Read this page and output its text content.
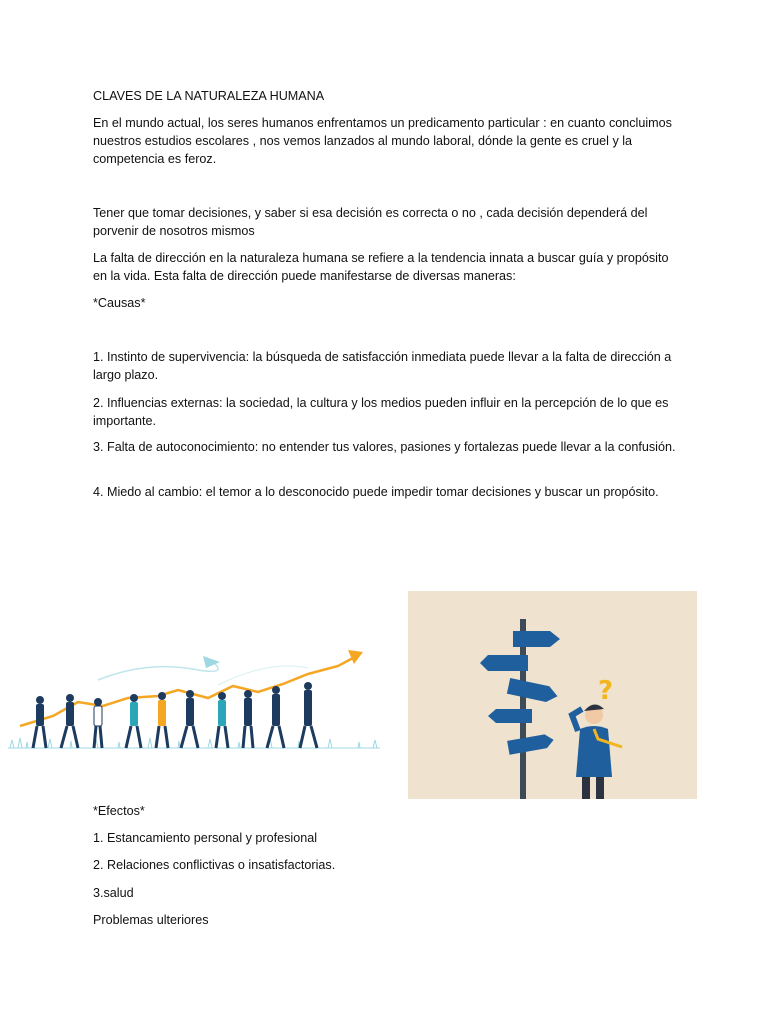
CLAVES DE LA NATURALEZA HUMANA

En el mundo actual, los seres humanos enfrentamos un predicamento particular : en cuanto concluimos nuestros estudios escolares , nos vemos lanzados al mundo laboral, dónde la gente es cruel y la competencia es feroz.

Tener que tomar decisiones, y saber si esa decisión es correcta o no , cada decisión dependerá del porvenir de nosotros mismos

La falta de dirección en la naturaleza humana se refiere a la tendencia innata a buscar guía y propósito en la vida. Esta falta de dirección puede manifestarse de diversas maneras:

*Causas*

1. Instinto de supervivencia: la búsqueda de satisfacción inmediata puede llevar a la falta de dirección a largo plazo.

2. Influencias externas: la sociedad, la cultura y los medios pueden influir en la percepción de lo que es importante.

3. Falta de autoconocimiento: no entender tus valores, pasiones y fortalezas puede llevar a la confusión.

4. Miedo al cambio: el temor a lo desconocido puede impedir tomar decisiones y buscar un propósito.

?

*Efectos*

1. Estancamiento personal y profesional

2. Relaciones conflictivas o insatisfactorias.

3.salud

Problemas ulteriores
